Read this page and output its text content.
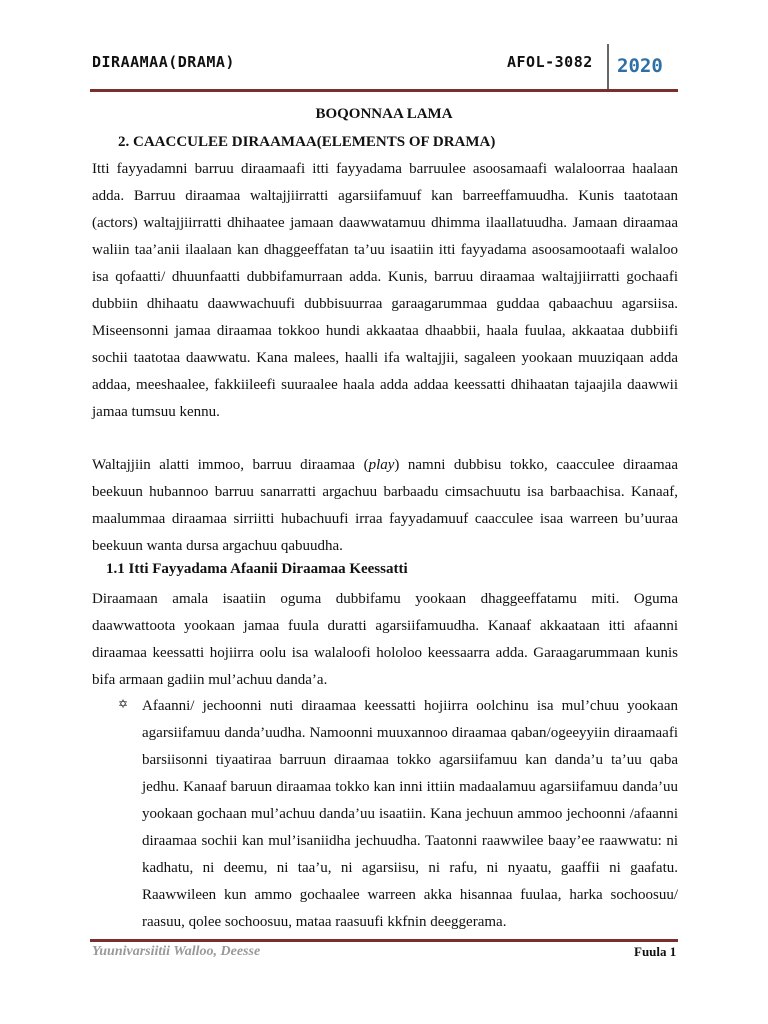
DIRAAMAA(DRAMA)	AFOL-3082 2020
BOQONNAA LAMA
2. CAACCULEE DIRAAMAA(ELEMENTS OF DRAMA)
Itti fayyadamni barruu diraamaafi itti fayyadama barruulee asoosamaafi walaloorraa haalaan adda. Barruu diraamaa waltajjiirratti agarsiifamuuf kan barreeffamuudha. Kunis taatotaan (actors) waltajjiirratti dhihaatee jamaan daawwatamuu dhimma ilaallatuudha. Jamaan diraamaa waliin taa’anii ilaalaan kan dhaggeeffatan ta’uu isaatiin itti fayyadama asoosamootaafi walaloo isa qofaatti/ dhuunfaatti dubbifamurraan adda. Kunis, barruu diraamaa waltajjiirratti gochaafi dubbiin dhihaatu daawwachuufi dubbisuurraa garaagarummaa guddaa qabaachuu agarsiisa. Miseensonni jamaa diraamaa tokkoo hundi akkaataa dhaabbii, haala fuulaa, akkaataa dubbiifi sochii taatotaa daawwatu. Kana malees, haalli ifa waltajjii, sagaleen yookaan muuziqaan adda addaa, meeshaalee, fakkiileefi suuraalee haala adda addaa keessatti dhihaatan tajaajila daawwii jamaa tumsuu kennu.
Waltajjiin alatti immoo, barruu diraamaa (play) namni dubbisu tokko, caacculee diraamaa beekuun hubannoo barruu sanarratti argachuu barbaadu cimsachuutu isa barbaachisa. Kanaaf, maalummaa diraamaa sirriitti hubachuufi irraa fayyadamuuf caacculee isaa warreen bu’uuraa beekuun wanta dursa argachuu qabuudha.
1.1 Itti Fayyadama Afaanii Diraamaa Keessatti
Diraamaan amala isaatiin oguma dubbifamu yookaan dhaggeeffatamu miti. Oguma daawwattoota yookaan jamaa fuula duratti agarsiifamuudha. Kanaaf akkaataan itti afaanni diraamaa keessatti hojiirra oolu isa walaloofi hololoo keessaarra adda. Garaagarummaan kunis bifa armaan gadiin mul’achuu danda’a.
✡ Afaanni/ jechoonni nuti diraamaa keessatti hojiirra oolchinu isa mul’chuu yookaan agarsiifamuu danda’uudha. Namoonni muuxannoo diraamaa qaban/ogeeyyiin diraamaafi barsiisonni tiyaatiraa barruun diraamaa tokko agarsiifamuu kan danda’u ta’uu qaba jedhu. Kanaaf baruun diraamaa tokko kan inni ittiin madaalamuu agarsiifamuu danda’uu yookaan gochaan mul’achuu danda’uu isaatiin. Kana jechuun ammoo jechoonni /afaanni diraamaa sochii kan mul’isaniidha jechuudha. Taatonni raawwilee baay’ee raawwatu: ni kadhatu, ni deemu, ni taa’u, ni agarsiisu, ni rafu, ni nyaatu, gaaffii ni gaafatu. Raawwileen kun ammo gochaalee warreen akka hisannaa fuulaa, harka sochoosuu/ raasuu, qolee sochoosuu, mataa raasuufi kkfnin deeggerama.
Yuunivarsiitii Walloo, Deesse	Fuula 1
